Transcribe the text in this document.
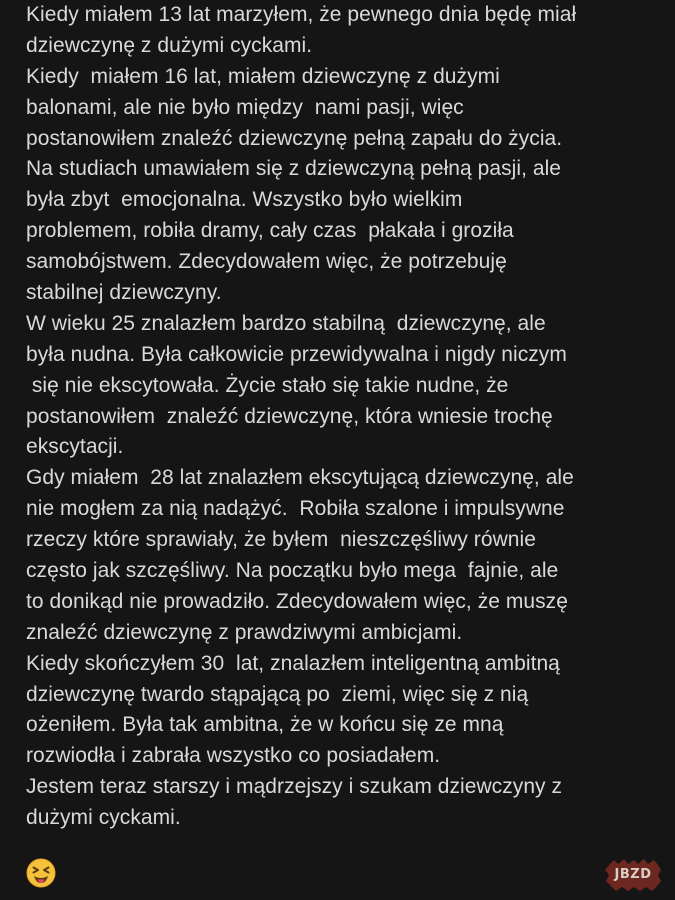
Kiedy miałem 13 lat marzyłem, że pewnego dnia będę miał
dziewczynę z dużymi cyckami.
Kiedy  miałem 16 lat, miałem dziewczynę z dużymi
balonami, ale nie było między  nami pasji, więc
postanowiłem znaleźć dziewczynę pełną zapału do życia.
Na studiach umawiałem się z dziewczyną pełną pasji, ale
była zbyt  emocjonalna. Wszystko było wielkim
problemem, robiła dramy, cały czas  płakała i groziła
samobójstwem. Zdecydowałem więc, że potrzebuję
stabilnej dziewczyny.
W wieku 25 znalazłem bardzo stabilną  dziewczynę, ale
była nudna. Była całkowicie przewidywalna i nigdy niczym
się nie ekscytowała. Życie stało się takie nudne, że
postanowiłem  znaleźć dziewczynę, która wniesie trochę
ekscytacji.
Gdy miałem  28 lat znalazłem ekscytującą dziewczynę, ale
nie mogłem za nią nadążyć.  Robiła szalone i impulsywne
rzeczy które sprawiały, że byłem  nieszczęśliwy równie
często jak szczęśliwy. Na początku było mega  fajnie, ale
to donikąd nie prowadziło. Zdecydowałem więc, że muszę
znaleźć dziewczynę z prawdziwymi ambicjami.
Kiedy skończyłem 30  lat, znalazłem inteligentną ambitną
dziewczynę twardo stąpającą po  ziemi, więc się z nią
ożeniłem. Była tak ambitna, że w końcu się ze mną
rozwiodła i zabrała wszystko co posiadałem.
Jestem teraz starszy i mądrzejszy i szukam dziewczyny z
dużymi cyckami.
JBZD
